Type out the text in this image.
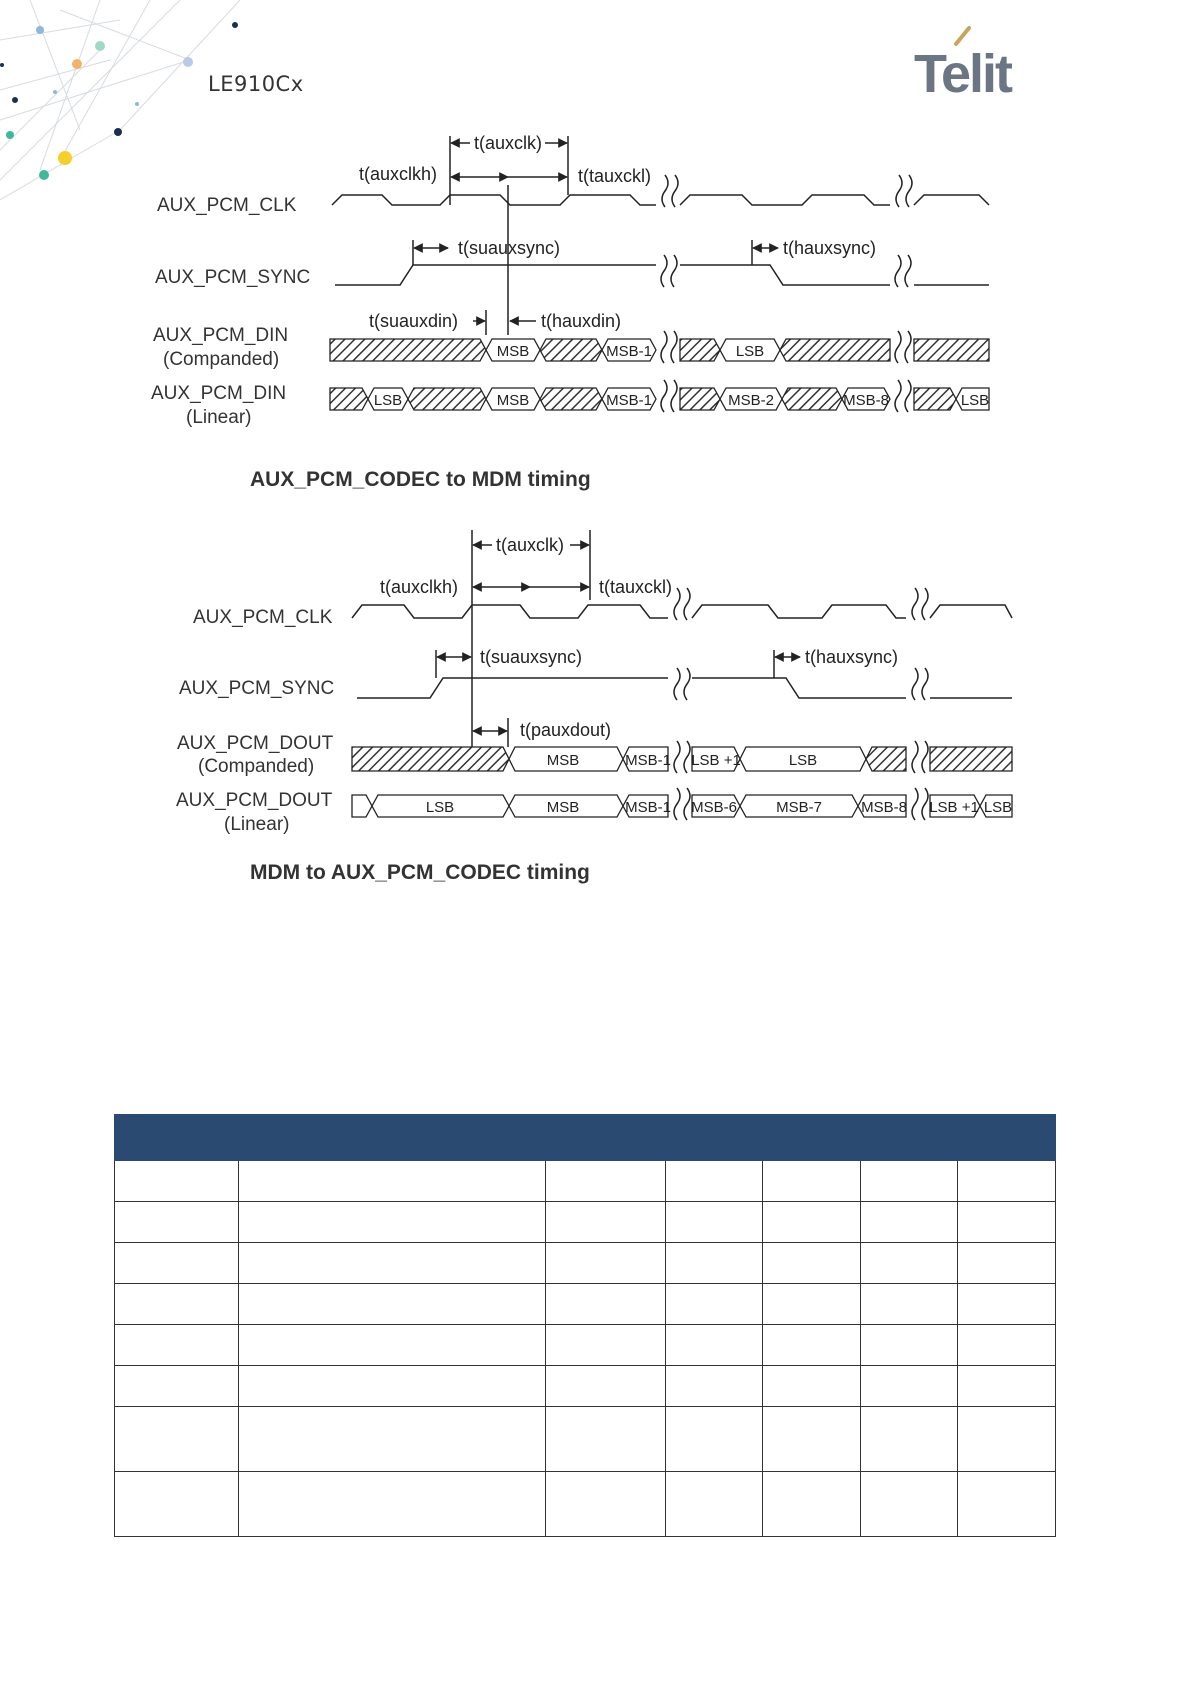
LE910Cx	Telit
AUX_PCM_CLK
AUX_PCM_SYNC
AUX_PCM_DIN
(Companded)
AUX_PCM_DIN
(Linear)
t(auxclk)
t(auxclkh)	t(tauxckl)
t(suauxsync)	t(hauxsync)
t(suauxdin)	t(hauxdin)
MSB	MSB-1	LSB
LSB	MSB	MSB-1	MSB-2	MSB-8	LSB
AUX_PCM_CODEC to MDM timing
AUX_PCM_CLK
AUX_PCM_SYNC
AUX_PCM_DOUT
(Companded)
AUX_PCM_DOUT
(Linear)
t(auxclk)
t(auxclkh)	t(tauxckl)
t(suauxsync)	t(hauxsync)
t(pauxdout)
MSB	MSB-1 LSB +1	LSB
LSB	MSB	MSB-1 MSB-6	MSB-7	MSB-8 LSB +1 LSB
MDM to AUX_PCM_CODEC timing
